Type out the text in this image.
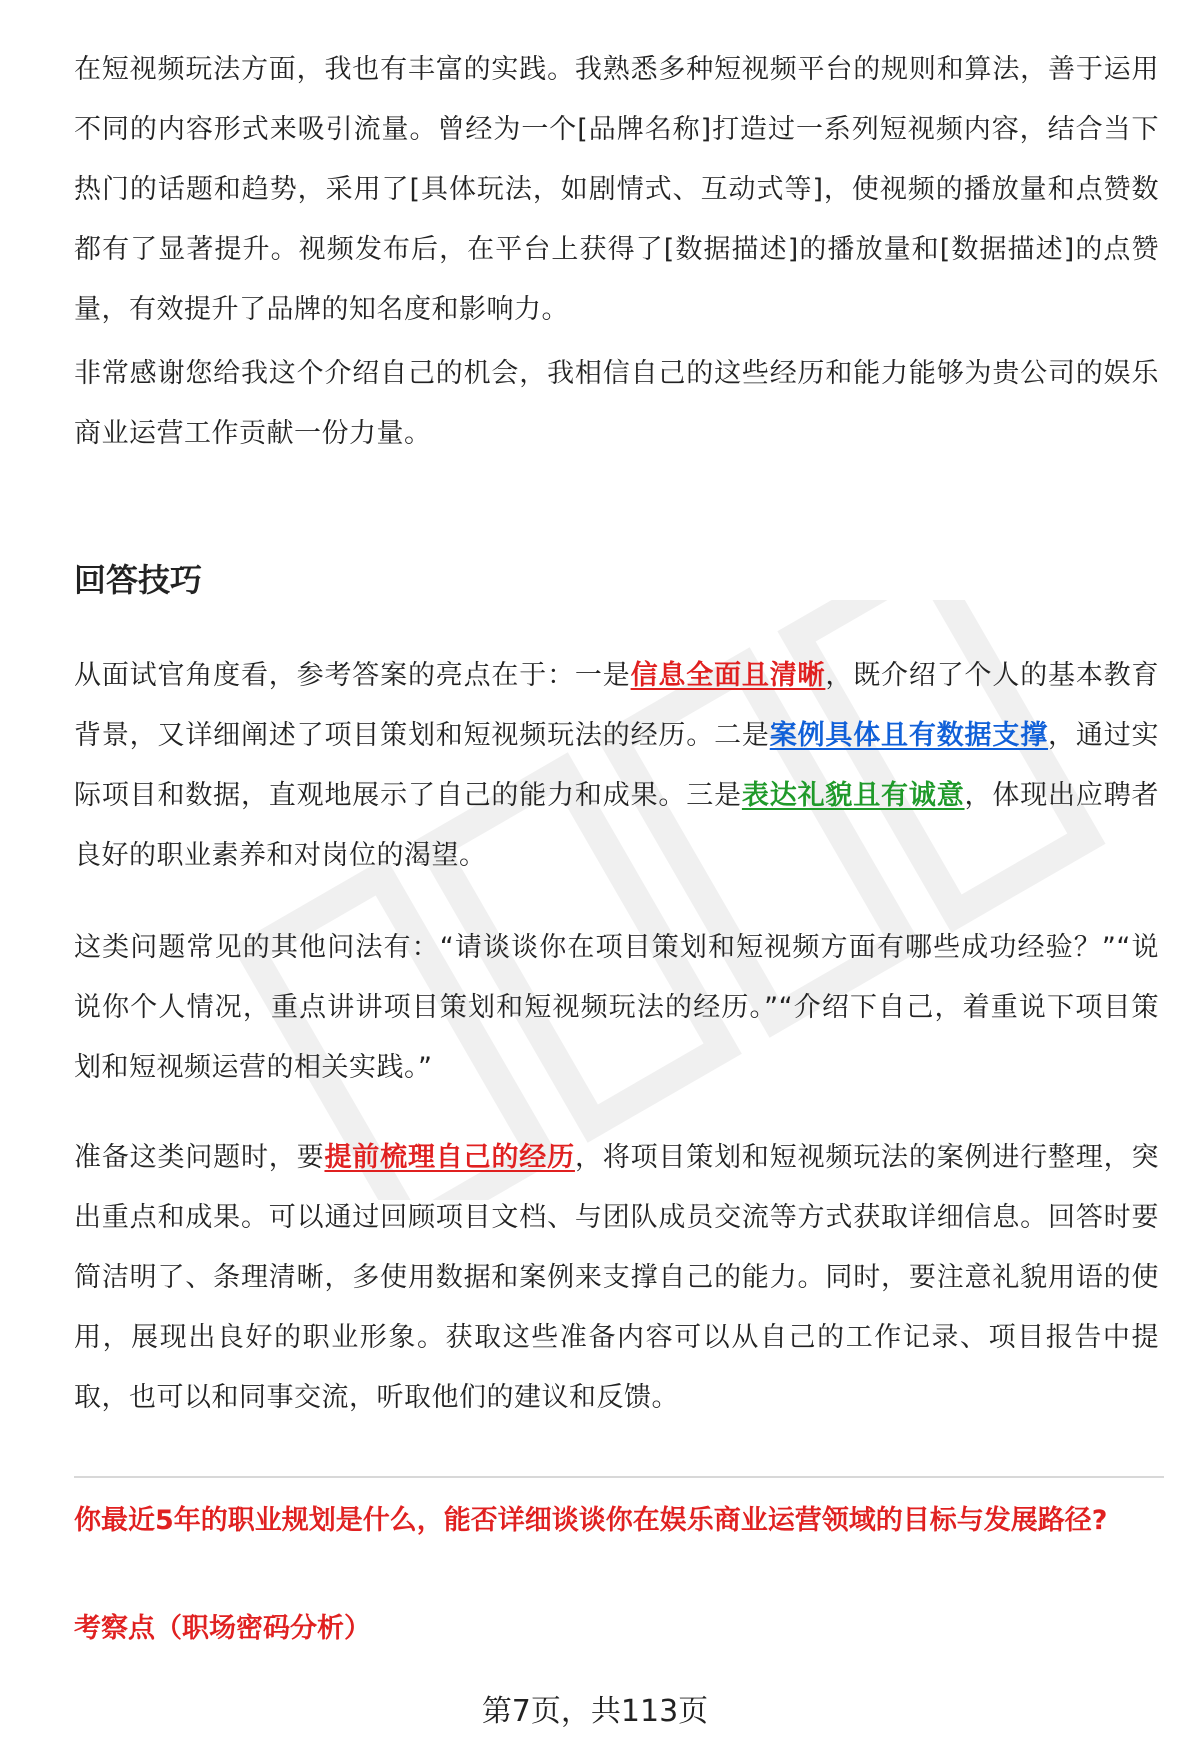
在短视频玩法方面，我也有丰富的实践。我熟悉多种短视频平台的规则和算法，善于运用不同的内容形式来吸引流量。曾经为一个[品牌名称]打造过一系列短视频内容，结合当下热门的话题和趋势，采用了[具体玩法，如剧情式、互动式等]，使视频的播放量和点赞数都有了显著提升。视频发布后，在平台上获得了[数据描述]的播放量和[数据描述]的点赞量，有效提升了品牌的知名度和影响力。

非常感谢您给我这个介绍自己的机会，我相信自己的这些经历和能力能够为贵公司的娱乐商业运营工作贡献一份力量。

回答技巧

从面试官角度看，参考答案的亮点在于：一是信息全面且清晰，既介绍了个人的基本教育背景，又详细阐述了项目策划和短视频玩法的经历。二是案例具体且有数据支撑，通过实际项目和数据，直观地展示了自己的能力和成果。三是表达礼貌且有诚意，体现出应聘者良好的职业素养和对岗位的渴望。

这类问题常见的其他问法有：“请谈谈你在项目策划和短视频方面有哪些成功经验？”“说说你个人情况，重点讲讲项目策划和短视频玩法的经历。”“介绍下自己，着重说下项目策划和短视频运营的相关实践。”

准备这类问题时，要提前梳理自己的经历，将项目策划和短视频玩法的案例进行整理，突出重点和成果。可以通过回顾项目文档、与团队成员交流等方式获取详细信息。回答时要简洁明了、条理清晰，多使用数据和案例来支撑自己的能力。同时，要注意礼貌用语的使用，展现出良好的职业形象。获取这些准备内容可以从自己的工作记录、项目报告中提取，也可以和同事交流，听取他们的建议和反馈。

你最近5年的职业规划是什么，能否详细谈谈你在娱乐商业运营领域的目标与发展路径?

考察点（职场密码分析）

第7页，共113页
